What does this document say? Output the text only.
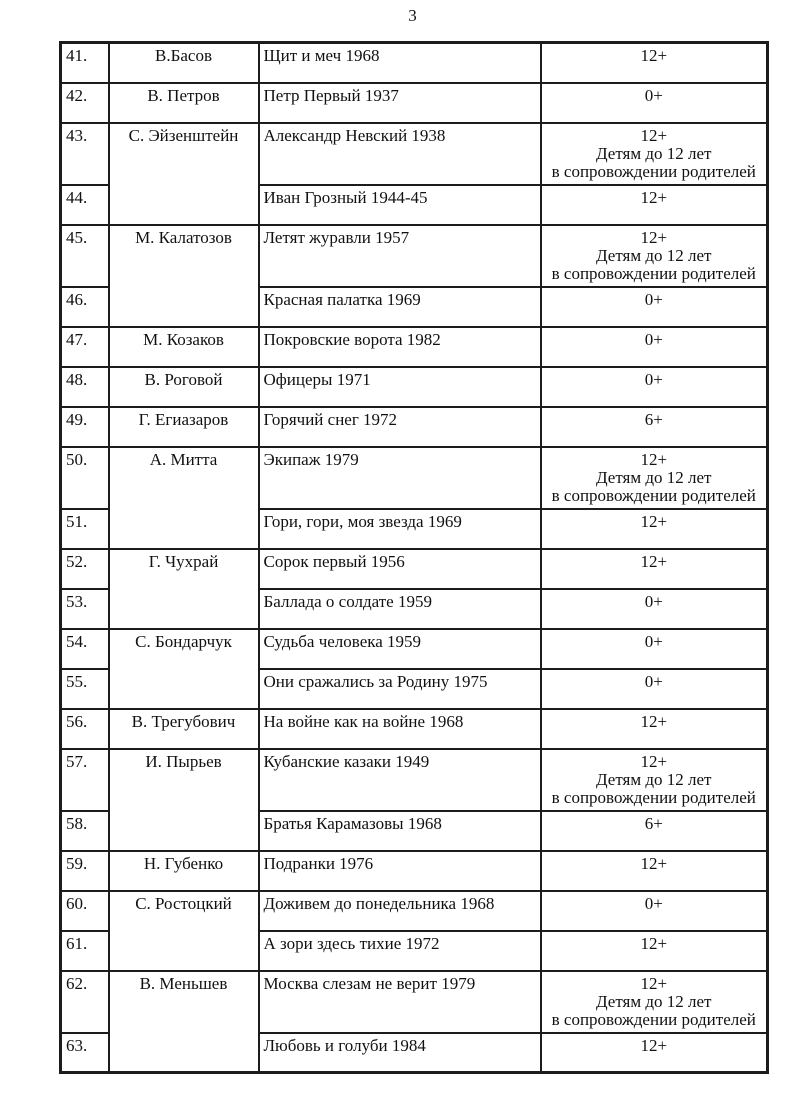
3
41.	В.Басов	Щит и меч 1968	12+

42.	В. Петров	Петр Первый 1937	0+

43.	С. Эйзенштейн	Александр Невский 1938	12+
Детям до 12 лет
в сопровождении родителей

44.		Иван Грозный 1944-45	12+

45.	М. Калатозов	Летят журавли 1957	12+
Детям до 12 лет
в сопровождении родителей

46.		Красная палатка 1969	0+

47.	М. Козаков	Покровские ворота 1982	0+

48.	В. Роговой	Офицеры 1971	0+

49.	Г. Егиазаров	Горячий снег 1972	6+

50.	А. Митта	Экипаж 1979	12+
Детям до 12 лет
в сопровождении родителей

51.		Гори, гори, моя звезда 1969	12+

52.	Г. Чухрай	Сорок первый 1956	12+

53.		Баллада о солдате 1959	0+

54.	С. Бондарчук	Судьба человека 1959	0+

55.		Они сражались за Родину 1975	0+

56.	В. Трегубович	На войне как на войне 1968	12+

57.	И. Пырьев	Кубанские казаки 1949	12+
Детям до 12 лет
в сопровождении родителей

58.		Братья Карамазовы 1968	6+

59.	Н. Губенко	Подранки 1976	12+

60.	С. Ростоцкий	Доживем до понедельника 1968	0+

61.		А зори здесь тихие 1972	12+

62.	В. Меньшев	Москва слезам не верит 1979	12+
Детям до 12 лет
в сопровождении родителей

63.		Любовь и голуби 1984	12+
